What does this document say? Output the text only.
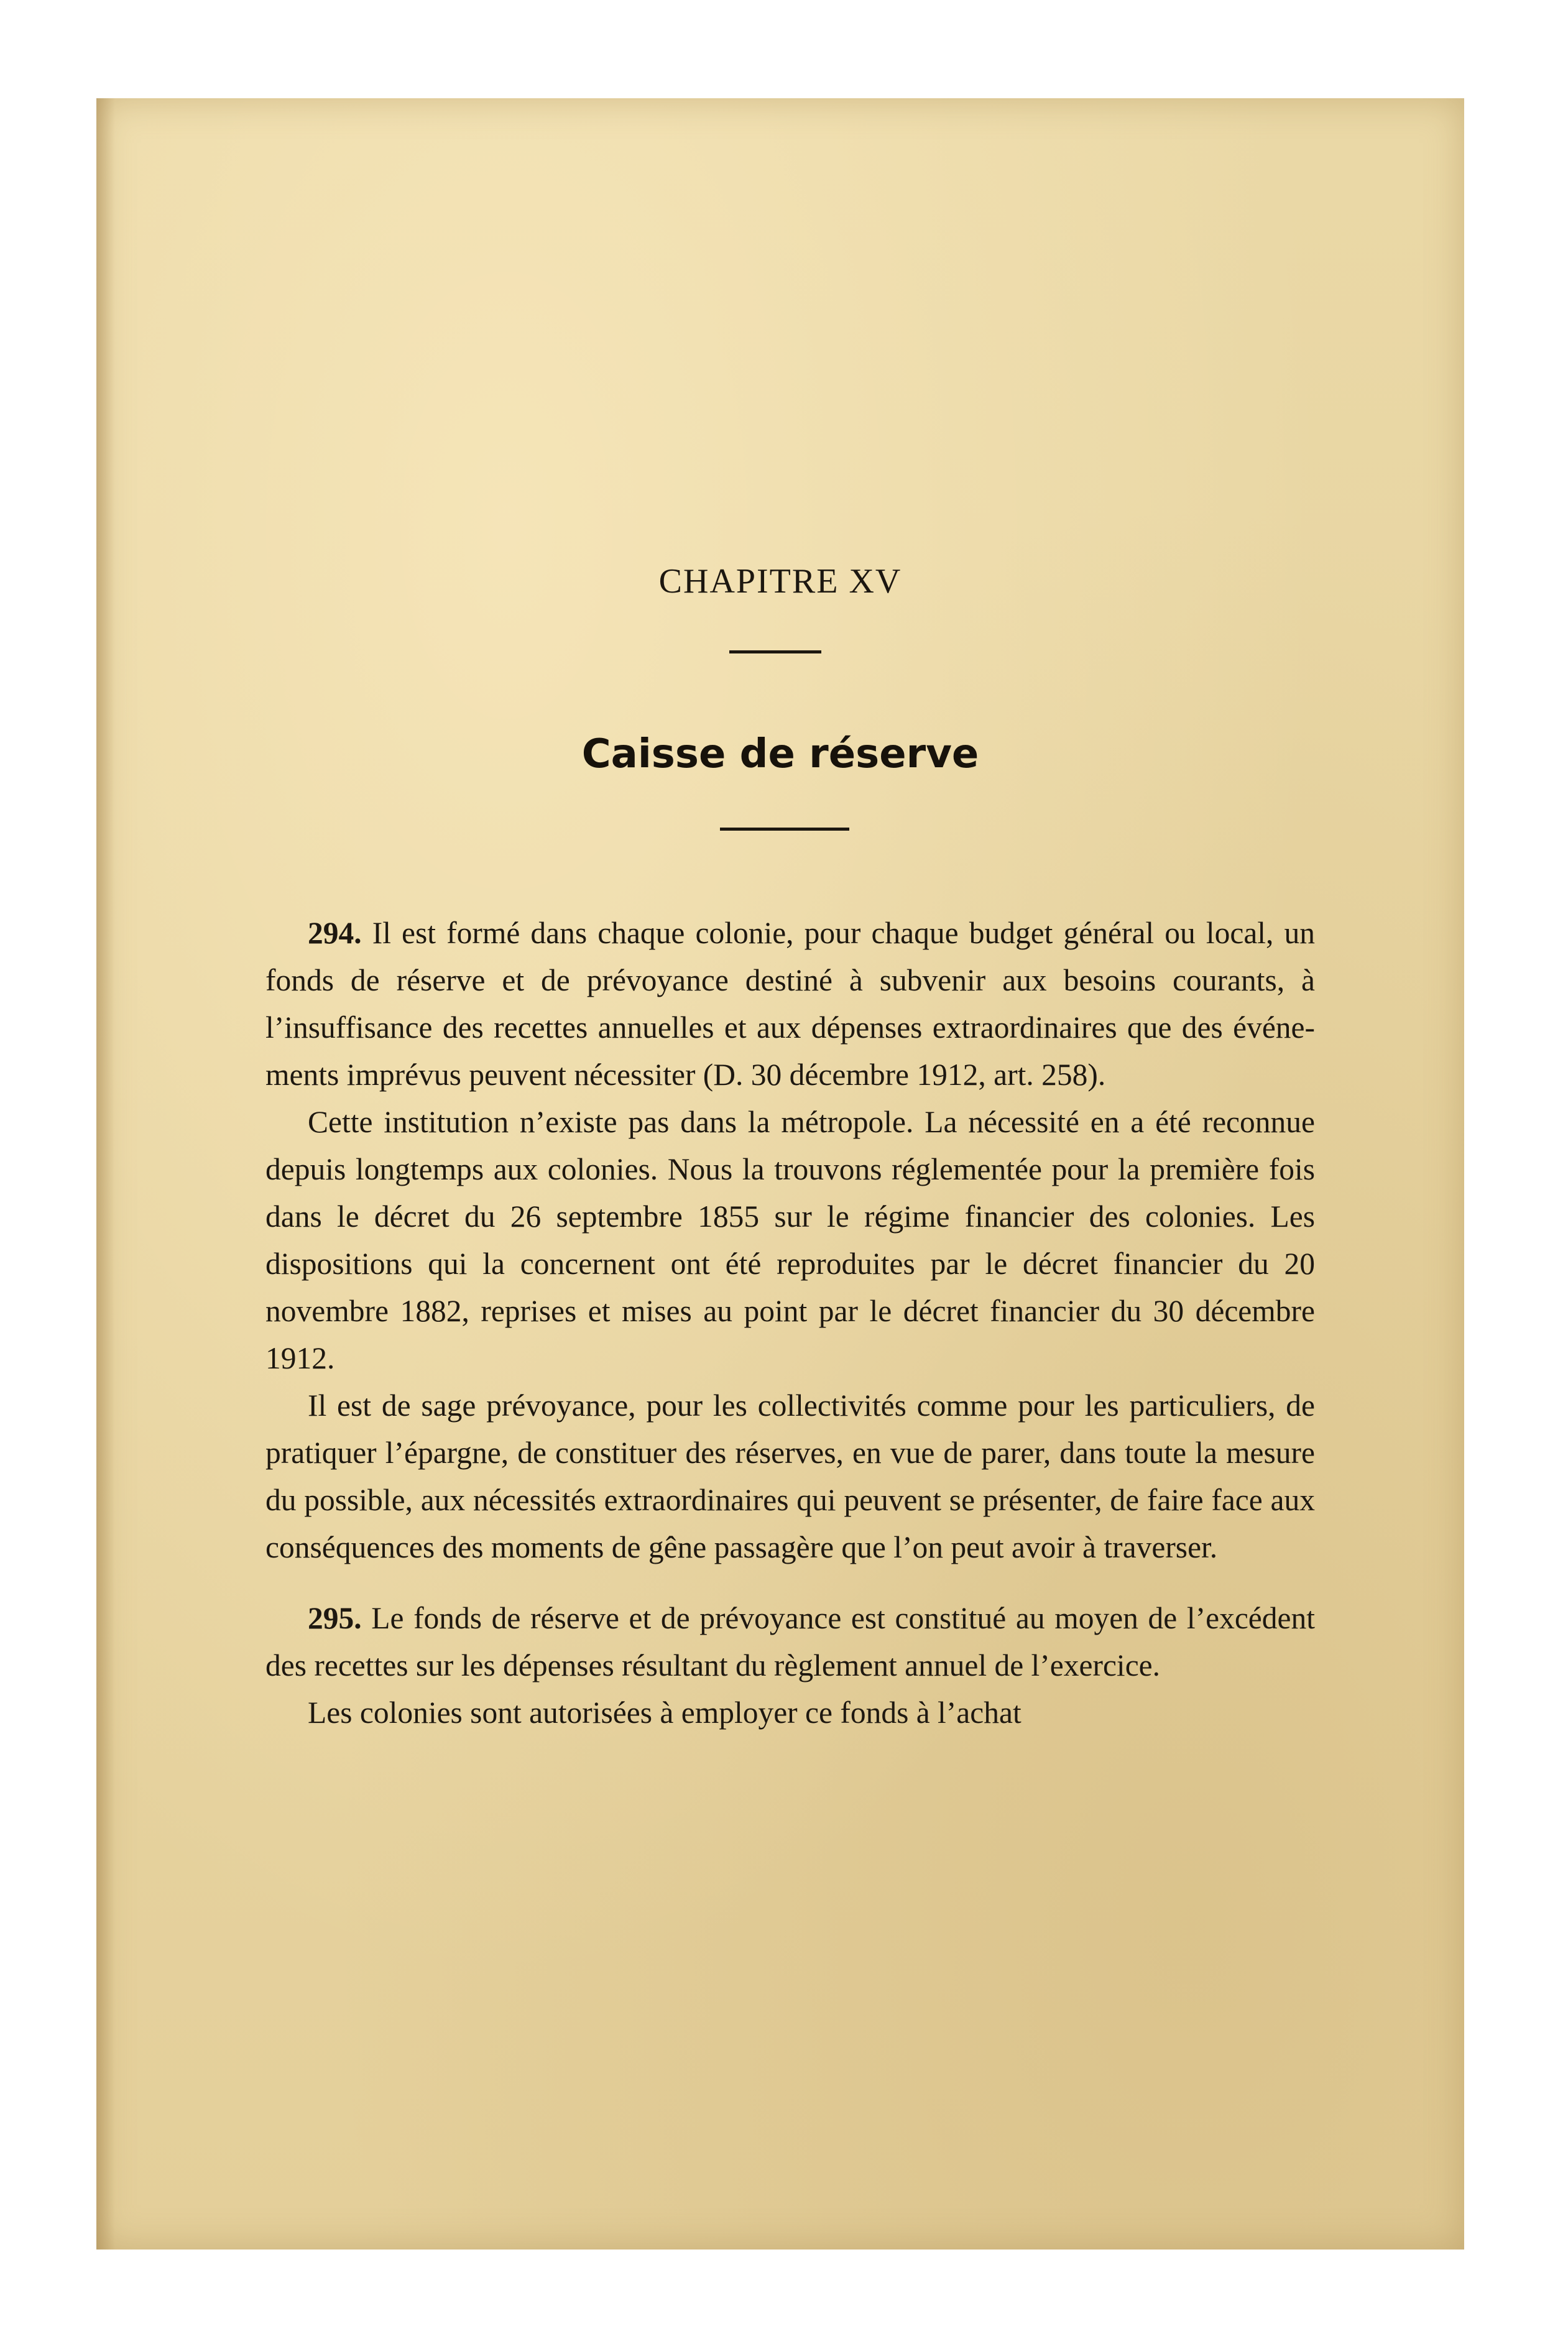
CHAPITRE XV
Caisse de réserve

294. Il est formé dans chaque colonie, pour chaque budget général ou local, un fonds de réserve et de prévoyance destiné à subvenir aux besoins courants, à l’insuffisance des recettes annuelles et aux dépenses extraordinaires que des événements imprévus peuvent nécessiter (D. 30 décembre 1912, art. 258).

Cette institution n’existe pas dans la métropole. La nécessité en a été reconnue depuis longtemps aux colonies. Nous la trouvons réglementée pour la première fois dans le décret du 26 septembre 1855 sur le régime financier des colonies. Les dispositions qui la concernent ont été reproduites par le décret financier du 20 novembre 1882, reprises et mises au point par le décret financier du 30 décembre 1912.

Il est de sage prévoyance, pour les collectivités comme pour les particuliers, de pratiquer l’épargne, de constituer des réserves, en vue de parer, dans toute la mesure du possible, aux nécessités extraordinaires qui peuvent se présenter, de faire face aux conséquences des moments de gêne passagère que l’on peut avoir à traverser.

295. Le fonds de réserve et de prévoyance est constitué au moyen de l’excédent des recettes sur les dépenses résultant du règlement annuel de l’exercice.

Les colonies sont autorisées à employer ce fonds à l’achat
